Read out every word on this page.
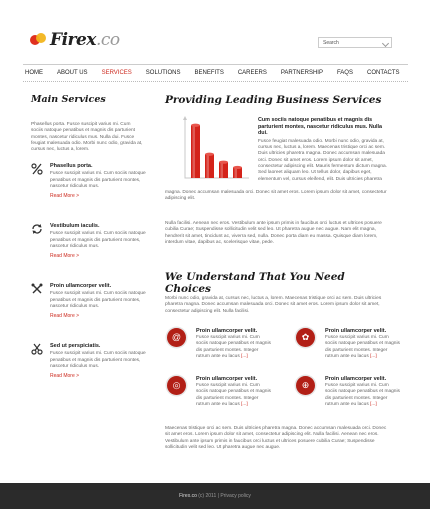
Firex.co	Search
HOME ABOUT US SERVICES SOLUTIONS BENEFITS CAREERS PARTNERSHIP FAQS CONTACTS
Main Services
Phasellus porta. Fusce suscipit varius mi. Cum sociis natoque penatibus et magnis dis parturient montes, nascetur ridiculus mus. Nulla dui. Fusce feugiat malesuada odio. Morbi nunc odio, gravida at, cursus nec, luctus a, lorem.
Phasellus porta.
Fusce suscipit varius mi. Cum sociis natoque penatibus et magnis dis parturient montes, nascetur ridiculus mus.
Read More >
Vestibulum iaculis.
Fusce suscipit varius mi. Cum sociis natoque penatibus et magnis dis parturient montes, nascetur ridiculus mus.
Read More >
Proin ullamcorper velit.
Fusce suscipit varius mi. Cum sociis natoque penatibus et magnis dis parturient montes, nascetur ridiculus mus.
Read More >
Sed ut perspiciatis.
Fusce suscipit varius mi. Cum sociis natoque penatibus et magnis dis parturient montes, nascetur ridiculus mus.
Read More >
Providing Leading Business Services
Cum sociis natoque penatibus et magnis dis parturient montes, nascetur ridiculus mus. Nulla dui.
Fusce feugiat malesuada odio. Morbi nunc odio, gravida at, cursus nec, luctus a, lorem. Maecenas tristique orci ac sem. Duis ultricies pharetra magna. Donec accumsan malesuada orci. Donec sit amet eros. Lorem ipsum dolor sit amet, consectetur adipiscing elit. Mauris fermentum dictum magna. Sed laoreet aliquam leo. Ut tellus dolor, dapibus eget, elementum vel, cursus eleifend, elit. Duis ultricies pharetra
magna. Donec accumsan malesuada orci. Donec sit amet eros. Lorem ipsum dolor sit amet, consectetur adipiscing elit.
Nulla facilisi. Aenean nec eros. Vestibulum ante ipsum primis in faucibus orci luctus et ultrices posuere cubilia Curae; Suspendisse sollicitudin velit sed leo. Ut pharetra augue nec augue. Nam elit magna, hendrerit sit amet, tincidunt ac, viverra sed, nulla. Donec porta diam eu massa. Quisque diam lorem, interdum vitae, dapibus ac, scelerisque vitae, pede.
We Understand That You Need Choices
Morbi nunc odio, gravida at, cursus nec, luctus a, lorem. Maecenas tristique orci ac sem. Duis ultricies pharetra magna. Donec accumsan malesuada orci. Donec sit amet eros. Lorem ipsum dolor sit amet, consectetur adipiscing elit. Nulla facilisi.
@
Proin ullamcorper velit.
Fusce suscipit varius mi. Cum sociis natoque penatibus et magnis dis parturient montes. Integer rutrum ante eu lacus [...]
✿
Proin ullamcorper velit.
Fusce suscipit varius mi. Cum sociis natoque penatibus et magnis dis parturient montes. Integer rutrum ante eu lacus [...]
◎
Proin ullamcorper velit.
Fusce suscipit varius mi. Cum sociis natoque penatibus et magnis dis parturient montes. Integer rutrum ante eu lacus [...]
⊕
Proin ullamcorper velit.
Fusce suscipit varius mi. Cum sociis natoque penatibus et magnis dis parturient montes. Integer rutrum ante eu lacus [...]
Maecenas tristique orci ac sem. Duis ultricies pharetra magna. Donec accumsan malesuada orci. Donec sit amet eros. Lorem ipsum dolor sit amet, consectetur adipiscing elit. Nulla facilisi. Aenean nec eros. Vestibulum ante ipsum primis in faucibus orci luctus et ultrices posuere cubilia Curae; Suspendisse sollicitudin velit sed leo. Ut pharetra augue nec augue.

Firex.co (c) 2011 | Privacy policy
